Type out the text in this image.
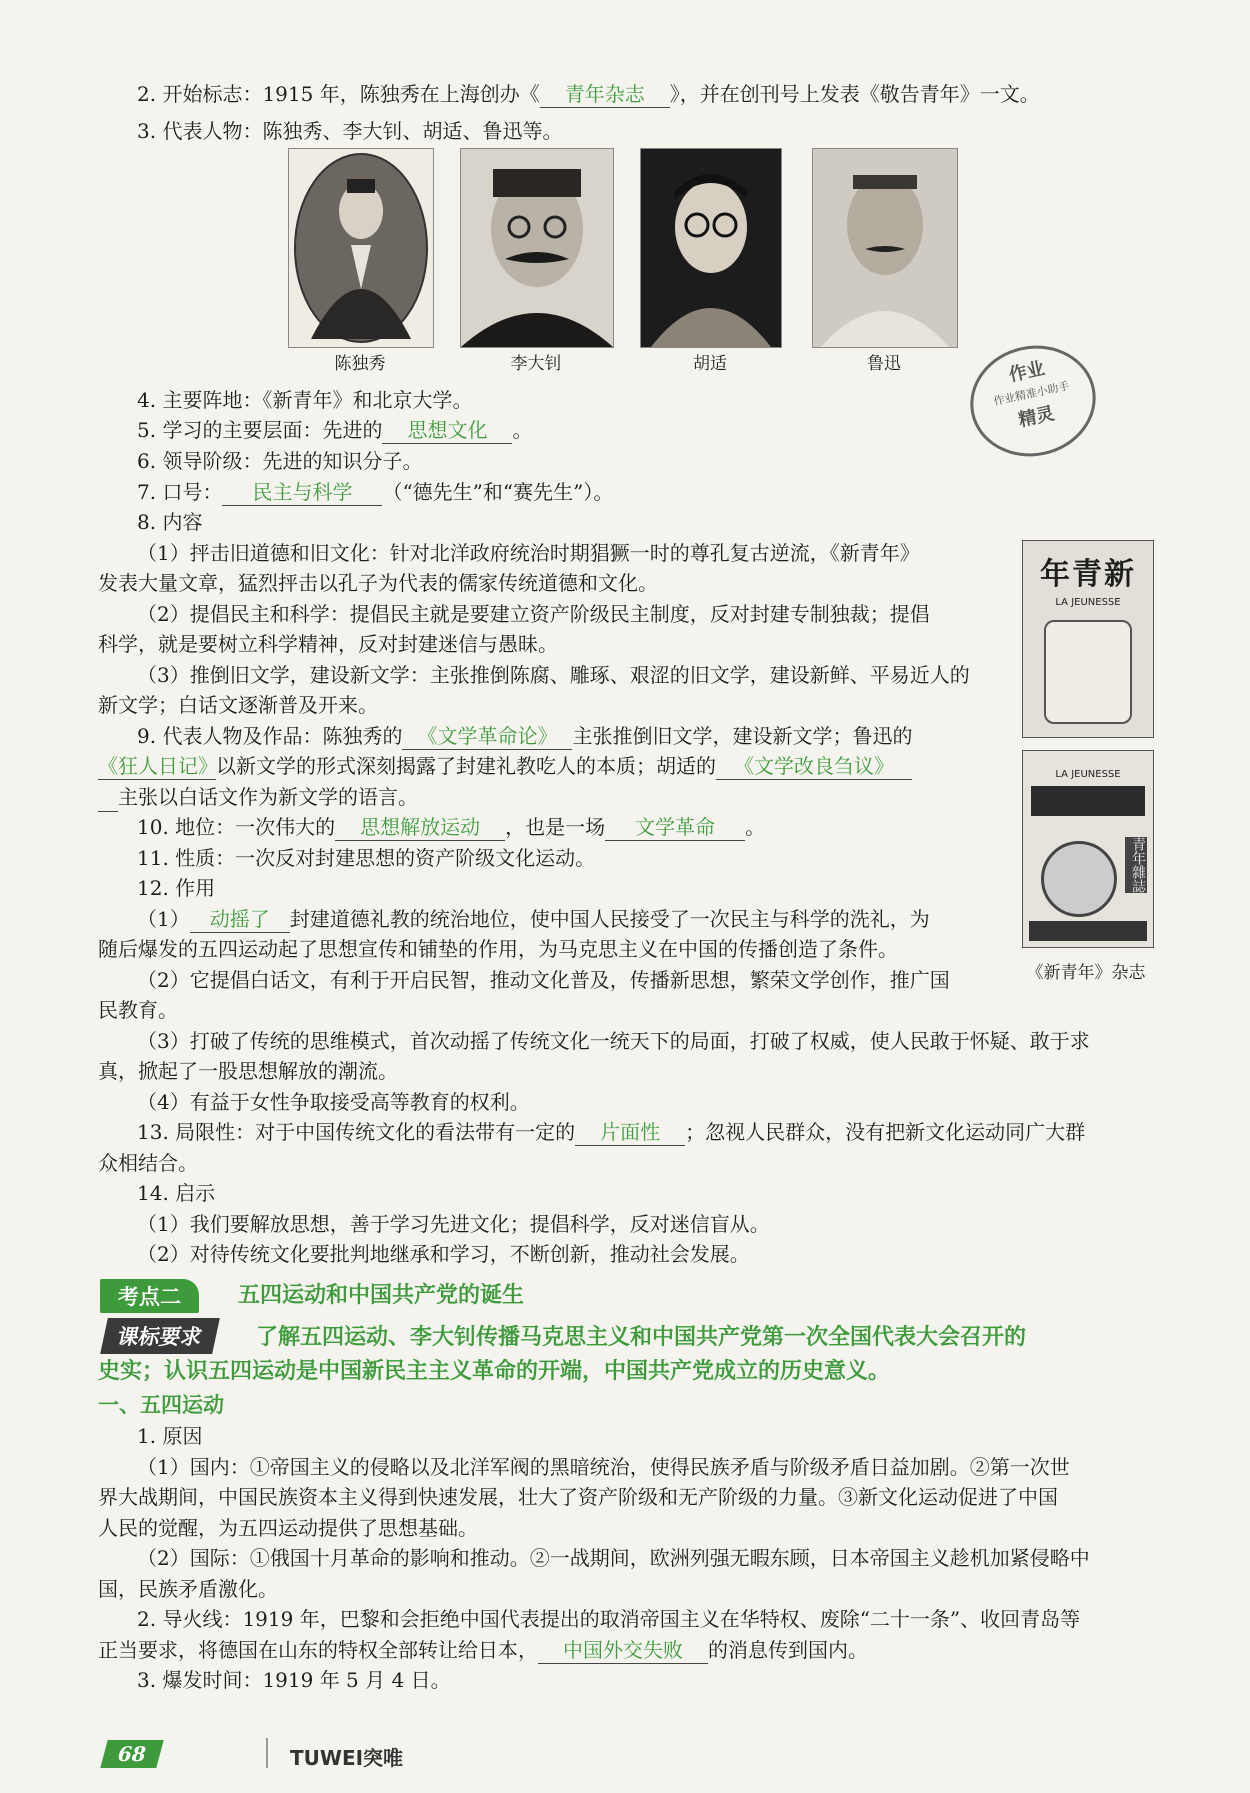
2. 开始标志：1915 年，陈独秀在上海创办《 青年杂志 》，并在创刊号上发表《敬告青年》一文。
3. 代表人物：陈独秀、李大钊、胡适、鲁迅等。
陈独秀	李大钊	胡适	鲁迅	作业
作业精准小助手
精灵
4. 主要阵地：《新青年》和北京大学。
5. 学习的主要层面：先进的 思想文化 。
6. 领导阶级：先进的知识分子。
7. 口号： 民主与科学 （“德先生”和“赛先生”）。
8. 内容
（1）抨击旧道德和旧文化：针对北洋政府统治时期猖獗一时的尊孔复古逆流，《新青年》
发表大量文章，猛烈抨击以孔子为代表的儒家传统道德和文化。
（2）提倡民主和科学：提倡民主就是要建立资产阶级民主制度，反对封建专制独裁；提倡
科学，就是要树立科学精神，反对封建迷信与愚昧。
（3）推倒旧文学，建设新文学：主张推倒陈腐、雕琢、艰涩的旧文学，建设新鲜、平易近人的
新文学；白话文逐渐普及开来。
9. 代表人物及作品：陈独秀的 《文学革命论》 主张推倒旧文学，建设新文学；鲁迅的
《狂人日记》以新文学的形式深刻揭露了封建礼教吃人的本质；胡适的 《文学改良刍议》
主张以白话文作为新文学的语言。
10. 地位：一次伟大的 思想解放运动 ，也是一场 文学革命 。
11. 性质：一次反对封建思想的资产阶级文化运动。
12. 作用
（1） 动摇了 封建道德礼教的统治地位，使中国人民接受了一次民主与科学的洗礼，为
随后爆发的五四运动起了思想宣传和铺垫的作用，为马克思主义在中国的传播创造了条件。
（2）它提倡白话文，有利于开启民智，推动文化普及，传播新思想，繁荣文学创作，推广国
民教育。
（3）打破了传统的思维模式，首次动摇了传统文化一统天下的局面，打破了权威，使人民敢于怀疑、敢于求
真，掀起了一股思想解放的潮流。
（4）有益于女性争取接受高等教育的权利。
13. 局限性：对于中国传统文化的看法带有一定的 片面性 ；忽视人民群众，没有把新文化运动同广大群
众相结合。
14. 启示
（1）我们要解放思想，善于学习先进文化；提倡科学，反对迷信盲从。
（2）对待传统文化要批判地继承和学习，不断创新，推动社会发展。
年青新
LA JEUNESSE
LA JEUNESSE
青年雜誌
《新青年》杂志
考点二	五四运动和中国共产党的诞生
课标要求	了解五四运动、李大钊传播马克思主义和中国共产党第一次全国代表大会召开的
史实；认识五四运动是中国新民主主义革命的开端，中国共产党成立的历史意义。
一、五四运动
1. 原因
（1）国内：①帝国主义的侵略以及北洋军阀的黑暗统治，使得民族矛盾与阶级矛盾日益加剧。②第一次世
界大战期间，中国民族资本主义得到快速发展，壮大了资产阶级和无产阶级的力量。③新文化运动促进了中国
人民的觉醒，为五四运动提供了思想基础。
（2）国际：①俄国十月革命的影响和推动。②一战期间，欧洲列强无暇东顾，日本帝国主义趁机加紧侵略中
国，民族矛盾激化。
2. 导火线：1919 年，巴黎和会拒绝中国代表提出的取消帝国主义在华特权、废除“二十一条”、收回青岛等
正当要求，将德国在山东的特权全部转让给日本， 中国外交失败 的消息传到国内。
3. 爆发时间：1919 年 5 月 4 日。
68	TUWEI突唯
